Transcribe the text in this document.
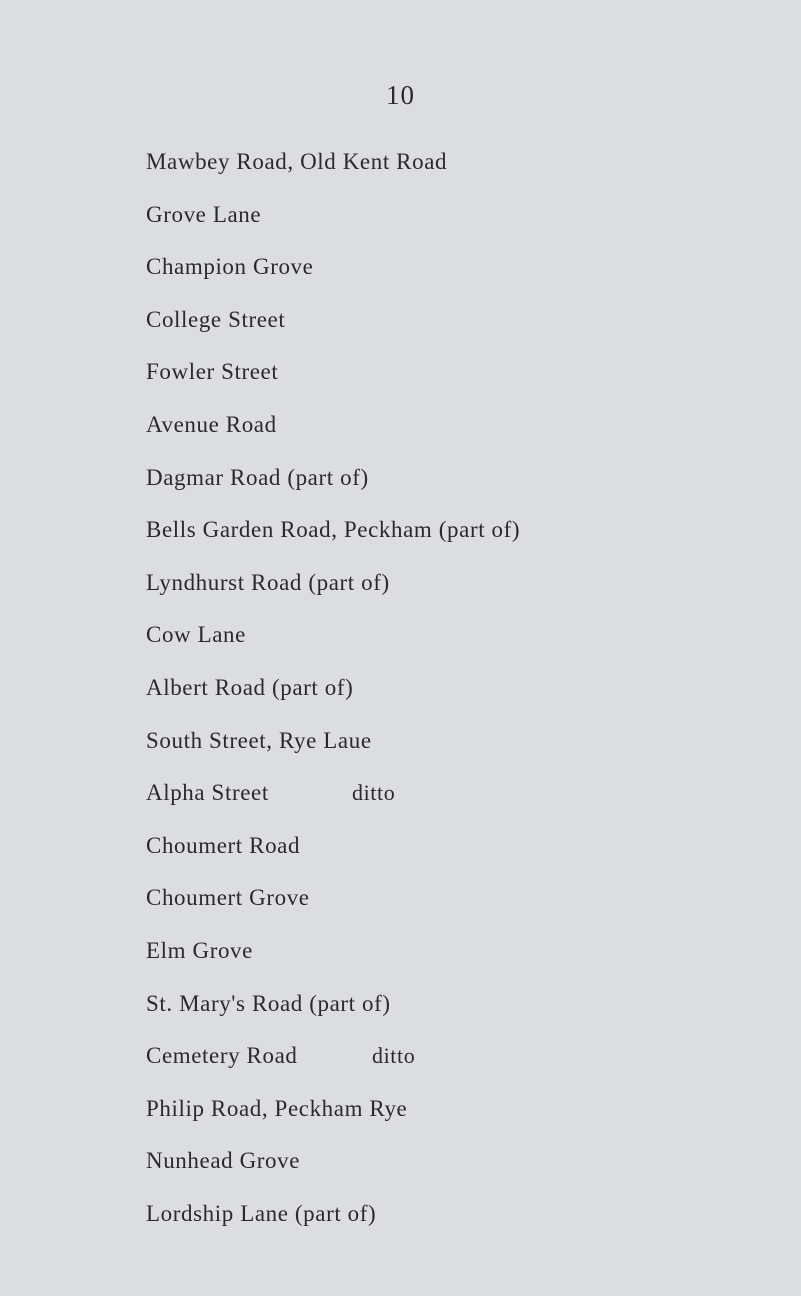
10
Mawbey Road, Old Kent Road
Grove Lane
Champion Grove
College Street
Fowler Street
Avenue Road
Dagmar Road (part of)
Bells Garden Road, Peckham (part of)
Lyndhurst Road (part of)
Cow Lane
Albert Road (part of)
South Street, Rye Laue
Alpha Street	ditto
Choumert Road
Choumert Grove
Elm Grove
St. Mary's Road (part of)
Cemetery Road	ditto
Philip Road, Peckham Rye
Nunhead Grove
Lordship Lane (part of)
